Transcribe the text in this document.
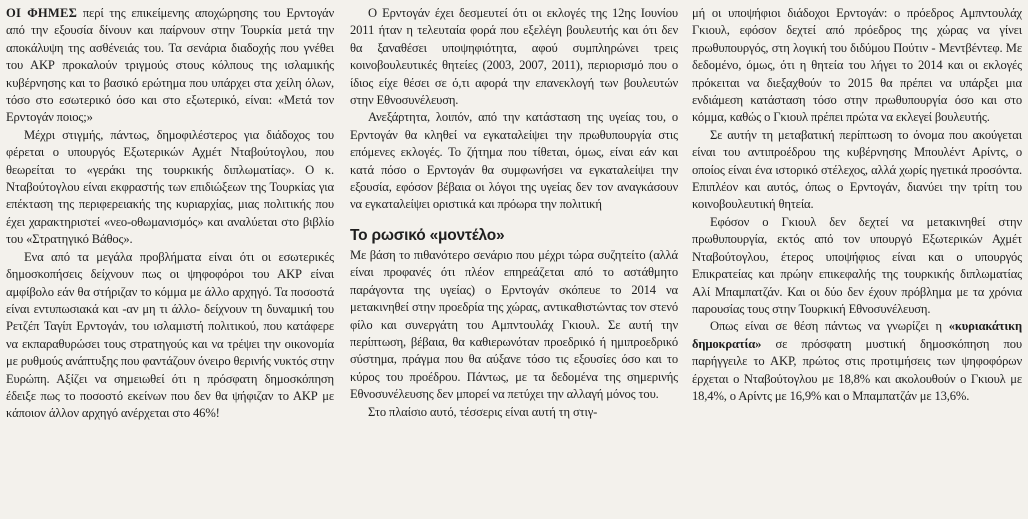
ΟΙ ΦΗΜΕΣ περί της επικείμενης αποχώρησης του Ερντογάν από την εξουσία δίνουν και παίρνουν στην Τουρκία μετά την αποκάλυψη της ασθένειάς του. Τα σενάρια διαδοχής που γνέθει του ΑΚΡ προκαλούν τριγμούς στους κόλπους της ισλαμικής κυβέρνησης και το βασικό ερώτημα που υπάρχει στα χείλη όλων, τόσο στο εσωτερικό όσο και στο εξωτερικό, είναι: «Μετά τον Ερντογάν ποιος;»

Μέχρι στιγμής, πάντως, δημοφιλέστερος για διάδοχος του φέρεται ο υπουργός Εξωτερικών Αχμέτ Νταβούτογλου, που θεωρείται το «γεράκι της τουρκικής διπλωματίας». Ο κ. Νταβούτογλου είναι εκφραστής των επιδιώξεων της Τουρκίας για επέκταση της περιφερειακής της κυριαρχίας, μιας πολιτικής που έχει χαρακτηριστεί «νεο-οθωμανισμός» και αναλύεται στο βιβλίο του «Στρατηγικό Βάθος».

Ενα από τα μεγάλα προβλήματα είναι ότι οι εσωτερικές δημοσκοπήσεις δείχνουν πως οι ψηφοφόροι του ΑΚΡ είναι αμφίβολο εάν θα στήριζαν το κόμμα με άλλο αρχηγό. Τα ποσοστά είναι εντυπωσιακά και -αν μη τι άλλο- δείχνουν τη δυναμική του Ρετζέπ Ταγίπ Ερντογάν, του ισλαμιστή πολιτικού, που κατάφερε να εκπαραθυρώσει τους στρατηγούς και να τρέψει την οικονομία με ρυθμούς ανάπτυξης που φαντάζουν όνειρο θερινής νυκτός στην Ευρώπη. Αξίζει να σημειωθεί ότι η πρόσφατη δημοσκόπηση έδειξε πως το ποσοστό εκείνων που δεν θα ψήφιζαν το ΑΚΡ με κάποιον άλλον αρχηγό ανέρχεται στο 46%!

Ο Ερντογάν έχει δεσμευτεί ότι οι εκλογές της 12ης Ιουνίου 2011 ήταν η τελευταία φορά που εξελέγη βουλευτής και ότι δεν θα ξαναθέσει υποψηφιότητα, αφού συμπληρώνει τρεις κοινοβουλευτικές θητείες (2003, 2007, 2011), περιορισμό που ο ίδιος είχε θέσει σε ό,τι αφορά την επανεκλογή των βουλευτών στην Εθνοσυνέλευση.

Ανεξάρτητα, λοιπόν, από την κατάσταση της υγείας του, ο Ερντογάν θα κληθεί να εγκαταλείψει την πρωθυπουργία στις επόμενες εκλογές. Το ζήτημα που τίθεται, όμως, είναι εάν και κατά πόσο ο Ερντογάν θα συμφωνήσει να εγκαταλείψει την εξουσία, εφόσον βέβαια οι λόγοι της υγείας δεν τον αναγκάσουν να εγκαταλείψει οριστικά και πρόωρα την πολιτική

Το ρωσικό «μοντέλο»

Με βάση το πιθανότερο σενάριο που μέχρι τώρα συζητείτο (αλλά είναι προφανές ότι πλέον επηρεάζεται από το αστάθμητο παράγοντα της υγείας) ο Ερντογάν σκόπευε το 2014 να μετακινηθεί στην προεδρία της χώρας, αντικαθιστώντας τον στενό φίλο και συνεργάτη του Αμπντουλάχ Γκιουλ. Σε αυτή την περίπτωση, βέβαια, θα καθιερωνόταν προεδρικό ή ημιπροεδρικό σύστημα, πράγμα που θα αύξανε τόσο τις εξουσίες όσο και το κύρος του προέδρου. Πάντως, με τα δεδομένα της σημερινής Εθνοσυνέλευσης δεν μπορεί να πετύχει την αλλαγή μόνος του.

Στο πλαίσιο αυτό, τέσσερις είναι αυτή τη στιγ-

μή οι υποψήφιοι διάδοχοι Ερντογάν: ο πρόεδρος Αμπντουλάχ Γκιουλ, εφόσον δεχτεί από πρόεδρος της χώρας να γίνει πρωθυπουργός, στη λογική του διδύμου Πούτιν - Μεντβέντεφ. Με δεδομένο, όμως, ότι η θητεία του λήγει το 2014 και οι εκλογές πρόκειται να διεξαχθούν το 2015 θα πρέπει να υπάρξει μια ενδιάμεση κατάσταση τόσο στην πρωθυπουργία όσο και στο κόμμα, καθώς ο Γκιουλ πρέπει πρώτα να εκλεγεί βουλευτής.

Σε αυτήν τη μεταβατική περίπτωση το όνομα που ακούγεται είναι του αντιπροέδρου της κυβέρνησης Μπουλέντ Αρίντς, ο οποίος είναι ένα ιστορικό στέλεχος, αλλά χωρίς ηγετικά προσόντα. Επιπλέον και αυτός, όπως ο Ερντογάν, διανύει την τρίτη του κοινοβουλευτική θητεία.

Εφόσον ο Γκιουλ δεν δεχτεί να μετακινηθεί στην πρωθυπουργία, εκτός από τον υπουργό Εξωτερικών Αχμέτ Νταβούτογλου, έτερος υποψήφιος είναι και ο υπουργός Επικρατείας και πρώην επικεφαλής της τουρκικής διπλωματίας Αλί Μπαμπατζάν. Και οι δύο δεν έχουν πρόβλημα με τα χρόνια παρουσίας τους στην Τουρκική Εθνοσυνέλευση.

Οπως είναι σε θέση πάντως να γνωρίζει η «κυριακάτικη δημοκρατία» σε πρόσφατη μυστική δημοσκόπηση που παρήγγειλε το ΑΚΡ, πρώτος στις προτιμήσεις των ψηφοφόρων έρχεται ο Νταβούτογλου με 18,8% και ακολουθούν ο Γκιουλ με 18,4%, ο Αρίντς με 16,9% και ο Μπαμπατζάν με 13,6%.
